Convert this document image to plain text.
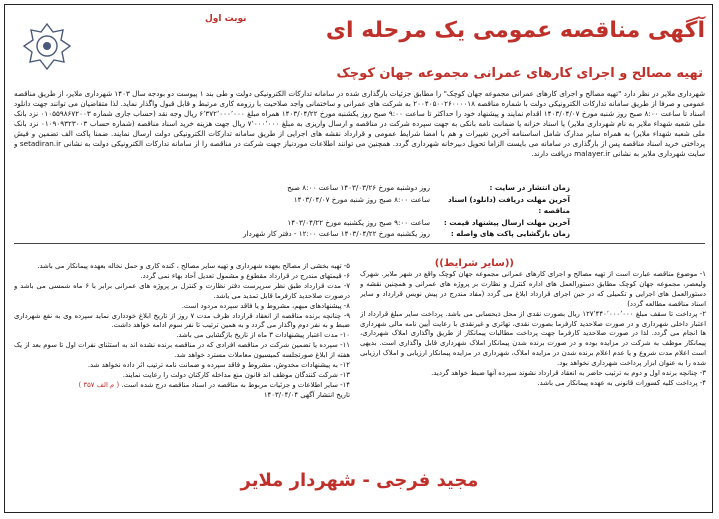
نوبت اول	آگهی مناقصه عمومی یک مرحله ای
تهیه مصالح و اجرای کارهای عمرانی مجموعه جهان کوچک
شهرداری ملایر در نظر دارد "تهیه مصالح و اجرای کارهای عمرانی مجموعه جهان کوچک" را مطابق جزئیات بارگذاری شده در سامانه تدارکات الکترونیکی دولت و طی بند ۱ پیوست دو بودجه سال ۱۴۰۳ شهرداری ملایر، از طریق مناقصه عمومی و صرفا از طریق سامانه تدارکات الکترونیکی دولت با شماره مناقصه ۲۰۰۴۰۵۰۰۲۶۰۰۰۰۱۸ به شرکت های عمرانی و ساختمانی واجد صلاحیت با رزومه کاری مرتبط و قابل قبول واگذار نماید. لذا متقاضیان می توانند جهت دانلود اسناد تا ساعت ۸:۰۰ صبح روز شنبه مورخ ۱۴۰۳/۰۴/۰۷ اقدام نمایند و پیشنهاد خود را حداکثر تا ساعت ۹:۰۰ صبح روز یکشنبه مورخ ۱۴۰۳/۰۴/۲۲ همراه مبلغ ۶٬۳۷۲٬۰۰۰٬۰۰۰ ریال وجه نقد (حساب جاری شماره ۰۱۰۵۵۹۸۶۷۲۰۰۳ نزد بانک ملی شعبه شهداء ملایر به نام شهرداری ملایر) یا اسناد خزانه یا ضمانت نامه بانکی به جهت سپرده شرکت در مناقصه و ارسال واریزی به مبلغ ۷٬۰۰۰٬۰۰۰ ریال جهت هزینه خرید اسناد مناقصه (شماره حساب ۰۱۰۹۰۹۳۲۳۰۰۳ نزد بانک ملی شعبه شهداء ملایر) به همراه سایر مدارک شامل اساسنامه آخرین تغییرات و هم با امضا شرایط عمومی و قرارداد نقشه های اجرایی از طریق سامانه تدارکات الکترونیکی دولت ارسال نمایند. ضمنا پاکت الف تضمین و فیش پرداختی خرید اسناد مناقصه پس از بارگذاری در سامانه می بایست الزاما تحویل دبیرخانه شهرداری گردد. همچنین می توانند اطلاعات موردنیاز جهت شرکت در مناقصه را از سامانه تدارکات الکترونیکی دولت به نشانی setadiran.ir و سایت شهرداری ملایر به نشانی malayer.ir دریافت دارند.
زمان انتشار در سایت :
روز دوشنبه مورخ ۱۴۰۳/۰۳/۲۶ ساعت ۸:۰۰ صبح
آخرین مهلت دریافت (دانلود) اسناد مناقصه :
ساعت ۸:۰۰ صبح روز شنبه مورخ ۱۴۰۳/۰۴/۰۷
آخرین مهلت ارسال پیشنهاد قیمت :
ساعت ۹:۰۰ صبح روز یکشنبه مورخ ۱۴۰۳/۰۴/۲۲
زمان بازگشایی پاکت های واصله :
روز یکشنبه مورخ ۱۴۰۳/۰۴/۲۲ ساعت ۱۲:۰۰ - دفتر کار شهردار
((سایر شرایط))

۱- موضوع مناقصه عبارت است از تهیه مصالح و اجرای کارهای عمرانی مجموعه جهان کوچک واقع در شهر ملایر. شهرک ولیعصر، مجموعه جهان کوچک مطابق دستورالعمل های اداره کنترل و نظارت بر پروژه های عمرانی و همچنین نقشه و دستورالعمل های اجرایی و تکمیلی که در حین اجرای قرارداد ابلاغ می گردد (مفاد مندرج در پیش نویس قرارداد و سایر اسناد مناقصه مطالعه گردد)

۲- پرداخت تا سقف مبلغ ۱۲۷٬۴۴۰٬۰۰۰٬۰۰۰ ریال بصورت نقدی از محل ذیحسابی می باشد. پرداخت سایر مبلغ قرارداد از اعتبار داخلی شهرداری و در صورت صلاحدید کارفرما بصورت نقدی، تهاتری و غیرنقدی با رعایت آیین نامه مالی شهرداری ها انجام می گردد. لذا در صورت صلاحدید کارفرما جهت پرداخت مطالبات پیمانکار از طریق واگذاری املاک شهرداری، پیمانکار موظف به شرکت در مزایده بوده و در صورت برنده شدن پیمانکار املاک شهرداری قابل واگذاری است. بدیهی است اعلام مدت شروع و یا عدم اعلام برنده شدن در مزایده املاک، شهرداری در مزایده پیمانکار ارزیابی و املاک ارزیابی شده را به عنوان ابزار پرداخت شهرداری نخواهد بود.

۳- چنانچه برنده اول و دوم به ترتیب حاضر به انعقاد قرارداد نشوند سپرده آنها ضبط خواهد گردید.

۴- پرداخت کلیه کسورات قانونی به عهده پیمانکار می باشد.

۵- تهیه بخشی از مصالح بعهده شهرداری و تهیه سایر مصالح ، کنده کاری و حمل نخاله بعهده پیمانکار می باشد.

۶- قیمتهای مندرج در قرارداد مقطوع و مشمول تعدیل آحاد بهاء نمی گردد.

۷- مدت قرارداد طبق نظر سرپرست دفتر نظارت و کنترل بر پروژه های عمرانی برابر با ۶ ماه شمسی می باشد و درصورت صلاحدید کارفرما قابل تمدید می باشد.

۸- پیشنهادهای مبهم، مشروط و یا فاقد سپرده مردود است.

۹- چنانچه برنده مناقصه از انعقاد قرارداد ظرف مدت ۷ روز از تاریخ ابلاغ خودداری نماید سپرده وی به نفع شهرداری ضبط و به نفر دوم واگذار می گردد و به همین ترتیب تا نفر سوم ادامه خواهد داشت.

۱۰- مدت اعتبار پیشنهادات ۳ ماه از تاریخ بازگشایی می باشد.

۱۱- سپرده یا تضمین شرکت در مناقصه افرادی که در مناقصه برنده نشده اند به استثنای نفرات اول تا سوم بعد از یک هفته از ابلاغ صورتجلسه کمیسیون معاملات مسترد خواهد شد.

۱۲- به پیشنهادات مخدوش، مشروط و فاقد سپرده و ضمانت نامه ترتیب اثر داده نخواهد شد.

۱۳- شرکت کنندگان موظف اند قانون منع مداخله کارکنان دولت را رعایت نمایند.

۱۴- سایر اطلاعات و جزئیات مربوط به مناقصه در اسناد مناقصه درج شده است. ( م الف ۳۵۷ )

تاریخ انتشار آگهی ۱۴۰۳/۰۴/۰۴

مجید فرجی - شهردار ملایر
